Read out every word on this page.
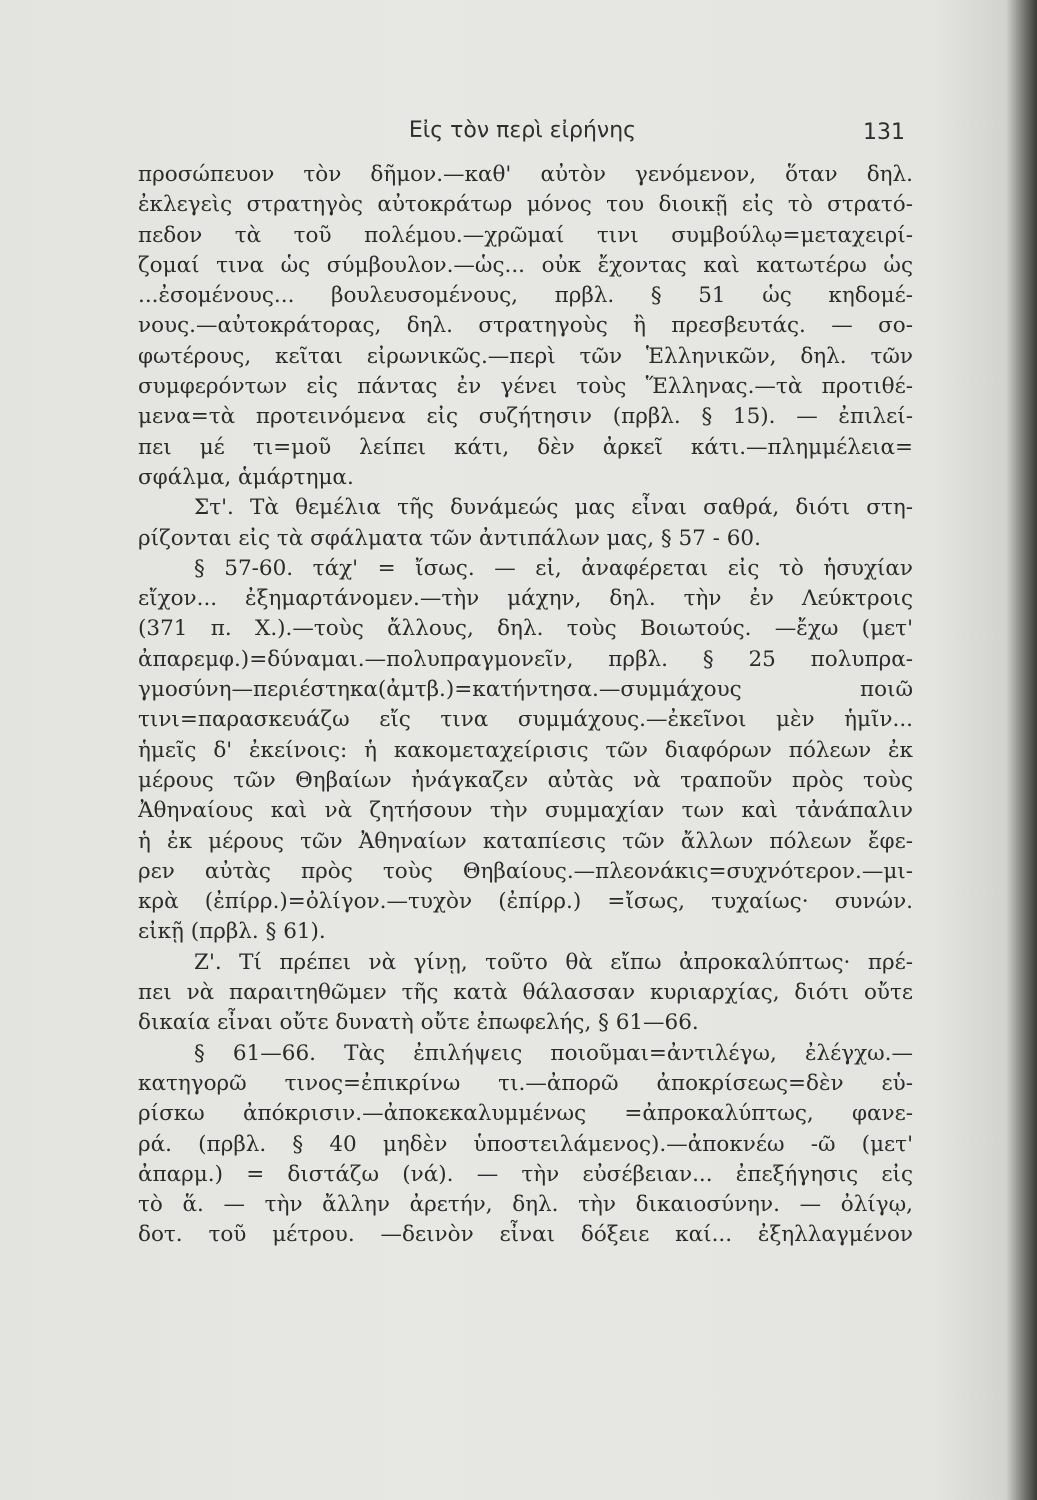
Εἰς τὸν περὶ εἰρήνης	131
προσώπευον τὸν δῆμον.—καθ' αὐτὸν γενόμενον, ὅταν δηλ.
ἐκλεγεὶς στρατηγὸς αὐτοκράτωρ μόνος του διοικῇ εἰς τὸ στρατό-
πεδον τὰ τοῦ πολέμου.—χρῶμαί τινι συμβούλῳ=μεταχειρί-
ζομαί τινα ὡς σύμβουλον.—ὡς... οὐκ ἔχοντας καὶ κατωτέρω ὡς
...ἐσομένους... βουλευσομένους, πρβλ. § 51 ὡς κηδομέ-
νους.—αὐτοκράτορας, δηλ. στρατηγοὺς ἢ πρεσβευτάς. — σο-
φωτέρους, κεῖται εἰρωνικῶς.—περὶ τῶν Ἑλληνικῶν, δηλ. τῶν
συμφερόντων εἰς πάντας ἐν γένει τοὺς Ἕλληνας.—τὰ προτιθέ-
μενα=τὰ προτεινόμενα εἰς συζήτησιν (πρβλ. § 15). — ἐπιλεί-
πει μέ τι=μοῦ λείπει κάτι, δὲν ἀρκεῖ κάτι.—πλημμέλεια=
σφάλμα, ἁμάρτημα.
Στ'. Τὰ θεμέλια τῆς δυνάμεώς μας εἶναι σαθρά, διότι στη-
ρίζονται εἰς τὰ σφάλματα τῶν ἀντιπάλων μας, § 57 - 60.
§ 57-60. τάχ' = ἴσως. — εἰ, ἀναφέρεται εἰς τὸ ἡσυχίαν
εἴχον... ἐξημαρτάνομεν.—τὴν μάχην, δηλ. τὴν ἐν Λεύκτροις
(371 π. Χ.).—τοὺς ἄλλους, δηλ. τοὺς Βοιωτούς. —ἔχω (μετ'
ἀπαρεμφ.)=δύναμαι.—πολυπραγμονεῖν, πρβλ. § 25 πολυπρα-
γμοσύνη—περιέστηκα(ἀμτβ.)=κατήντησα.—συμμάχους ποιῶ
τινι=παρασκευάζω εἴς τινα συμμάχους.—ἐκεῖνοι μὲν ἡμῖν...
ἡμεῖς δ' ἐκείνοις: ἡ κακομεταχείρισις τῶν διαφόρων πόλεων ἐκ
μέρους τῶν Θηβαίων ἠνάγκαζεν αὐτὰς νὰ τραποῦν πρὸς τοὺς
Ἀθηναίους καὶ νὰ ζητήσουν τὴν συμμαχίαν των καὶ τἀνάπαλιν
ἡ ἐκ μέρους τῶν Ἀθηναίων καταπίεσις τῶν ἄλλων πόλεων ἔφε-
ρεν αὐτὰς πρὸς τοὺς Θηβαίους.—πλεονάκις=συχνότερον.—μι-
κρὰ (ἐπίρρ.)=ὀλίγον.—τυχὸν (ἐπίρρ.) =ἴσως, τυχαίως· συνών.
εἰκῇ (πρβλ. § 61).
Ζ'. Τί πρέπει νὰ γίνῃ, τοῦτο θὰ εἴπω ἀπροκαλύπτως· πρέ-
πει νὰ παραιτηθῶμεν τῆς κατὰ θάλασσαν κυριαρχίας, διότι οὔτε
δικαία εἶναι οὔτε δυνατὴ οὔτε ἐπωφελής, § 61—66.
§ 61—66. Τὰς ἐπιλήψεις ποιοῦμαι=ἀντιλέγω, ἐλέγχω.—
κατηγορῶ τινος=ἐπικρίνω τι.—ἀπορῶ ἀποκρίσεως=δὲν εὑ-
ρίσκω ἀπόκρισιν.—ἀποκεκαλυμμένως =ἀπροκαλύπτως, φανε-
ρά. (πρβλ. § 40 μηδὲν ὑποστειλάμενος).—ἀποκνέω -ῶ (μετ'
ἀπαρμ.) = διστάζω (νά). — τὴν εὐσέβειαν... ἐπεξήγησις εἰς
τὸ ἅ. — τὴν ἄλλην ἀρετήν, δηλ. τὴν δικαιοσύνην. — ὀλίγῳ,
δοτ. τοῦ μέτρου. —δεινὸν εἶναι δόξειε καί... ἐξηλλαγμένον
